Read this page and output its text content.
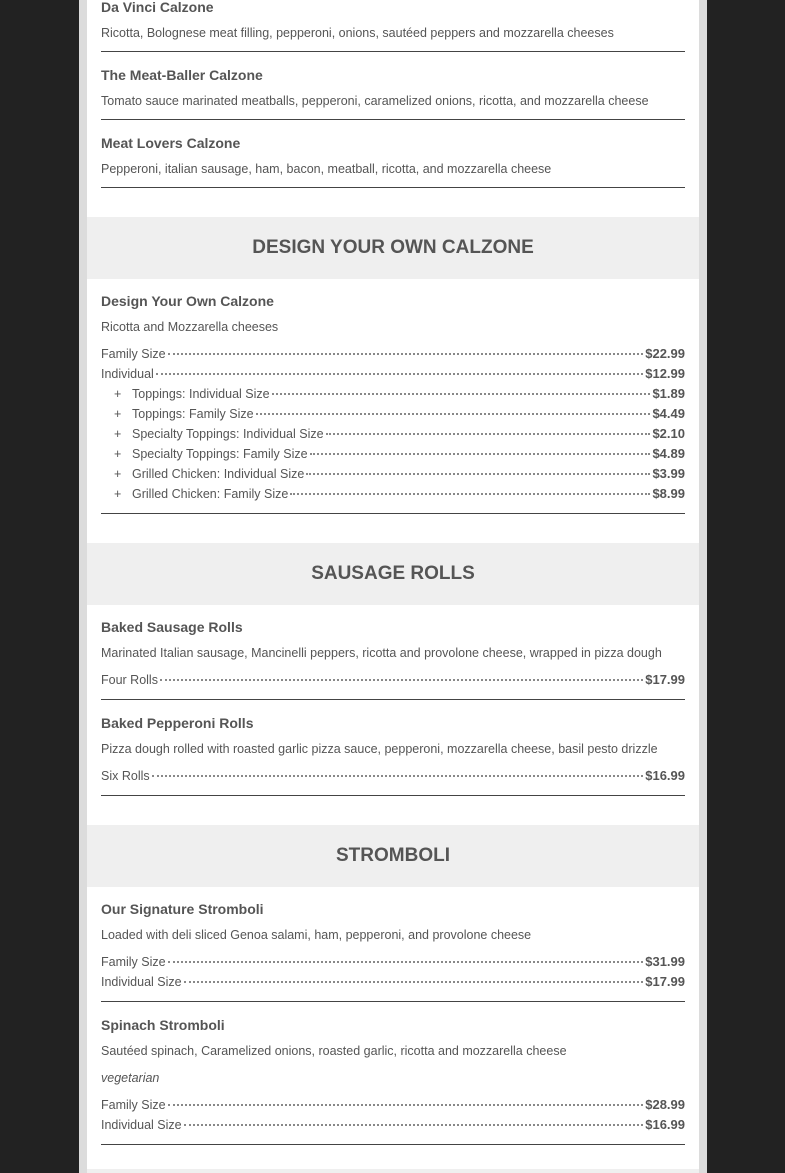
Da Vinci Calzone
Ricotta, Bolognese meat filling, pepperoni, onions, sautéed peppers and mozzarella cheeses
The Meat-Baller Calzone
Tomato sauce marinated meatballs, pepperoni, caramelized onions, ricotta, and mozzarella cheese
Meat Lovers Calzone
Pepperoni, italian sausage, ham, bacon, meatball, ricotta, and mozzarella cheese
DESIGN YOUR OWN CALZONE
Design Your Own Calzone
Ricotta and Mozzarella cheeses
Family Size	$22.99
Individual	$12.99
+ Toppings: Individual Size	$1.89
+ Toppings: Family Size	$4.49
+ Specialty Toppings: Individual Size	$2.10
+ Specialty Toppings: Family Size	$4.89
+ Grilled Chicken: Individual Size	$3.99
+ Grilled Chicken: Family Size	$8.99
SAUSAGE ROLLS
Baked Sausage Rolls
Marinated Italian sausage, Mancinelli peppers, ricotta and provolone cheese, wrapped in pizza dough
Four Rolls	$17.99
Baked Pepperoni Rolls
Pizza dough rolled with roasted garlic pizza sauce, pepperoni, mozzarella cheese, basil pesto drizzle
Six Rolls	$16.99
STROMBOLI
Our Signature Stromboli
Loaded with deli sliced Genoa salami, ham, pepperoni, and provolone cheese
Family Size	$31.99
Individual Size	$17.99
Spinach Stromboli
Sautéed spinach, Caramelized onions, roasted garlic, ricotta and mozzarella cheese
vegetarian
Family Size	$28.99
Individual Size	$16.99
